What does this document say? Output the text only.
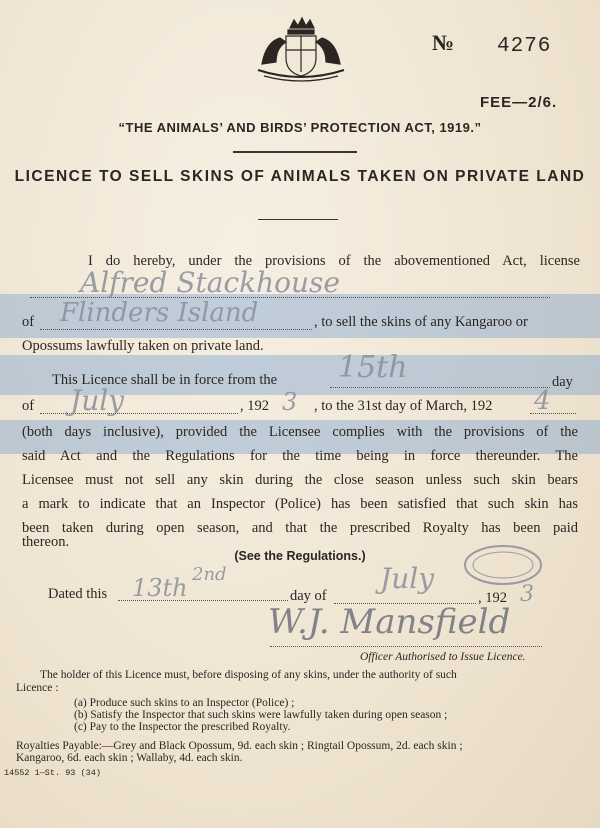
№ 4276
FEE—2/6.
“THE ANIMALS’ AND BIRDS’ PROTECTION ACT, 1919.”
LICENCE TO SELL SKINS OF ANIMALS TAKEN ON PRIVATE LAND
I do hereby, under the provisions of the abovementioned Act, license
Alfred Stackhouse
of Flinders Island	, to sell the skins of any Kangaroo or
Opossums lawfully taken on private land.
This Licence shall be in force from the 15th	day
of July	, 192 3 , to the 31st day of March, 192 4
(both days inclusive), provided the Licensee complies with the provisions of the
said Act and the Regulations for the time being in force thereunder. The
Licensee must not sell any skin during the close season unless such skin bears
a mark to indicate that an Inspector (Police) has been satisfied that such skin has
been taken during open season, and that the prescribed Royalty has been paid
thereon.
(See the Regulations.)
Dated this 13th 2nd
day of
July
, 192 3
W.J. Mansfield
Officer Authorised to Issue Licence.
The holder of this Licence must, before disposing of any skins, under the authority of such
Licence :
(a) Produce such skins to an Inspector (Police) ;
(b) Satisfy the Inspector that such skins were lawfully taken during open season ;
(c) Pay to the Inspector the prescribed Royalty.
Royalties Payable:—Grey and Black Opossum, 9d. each skin ; Ringtail Opossum, 2d. each skin ;
Kangaroo, 6d. each skin ; Wallaby, 4d. each skin.
14552 1—St. 93 (34)
